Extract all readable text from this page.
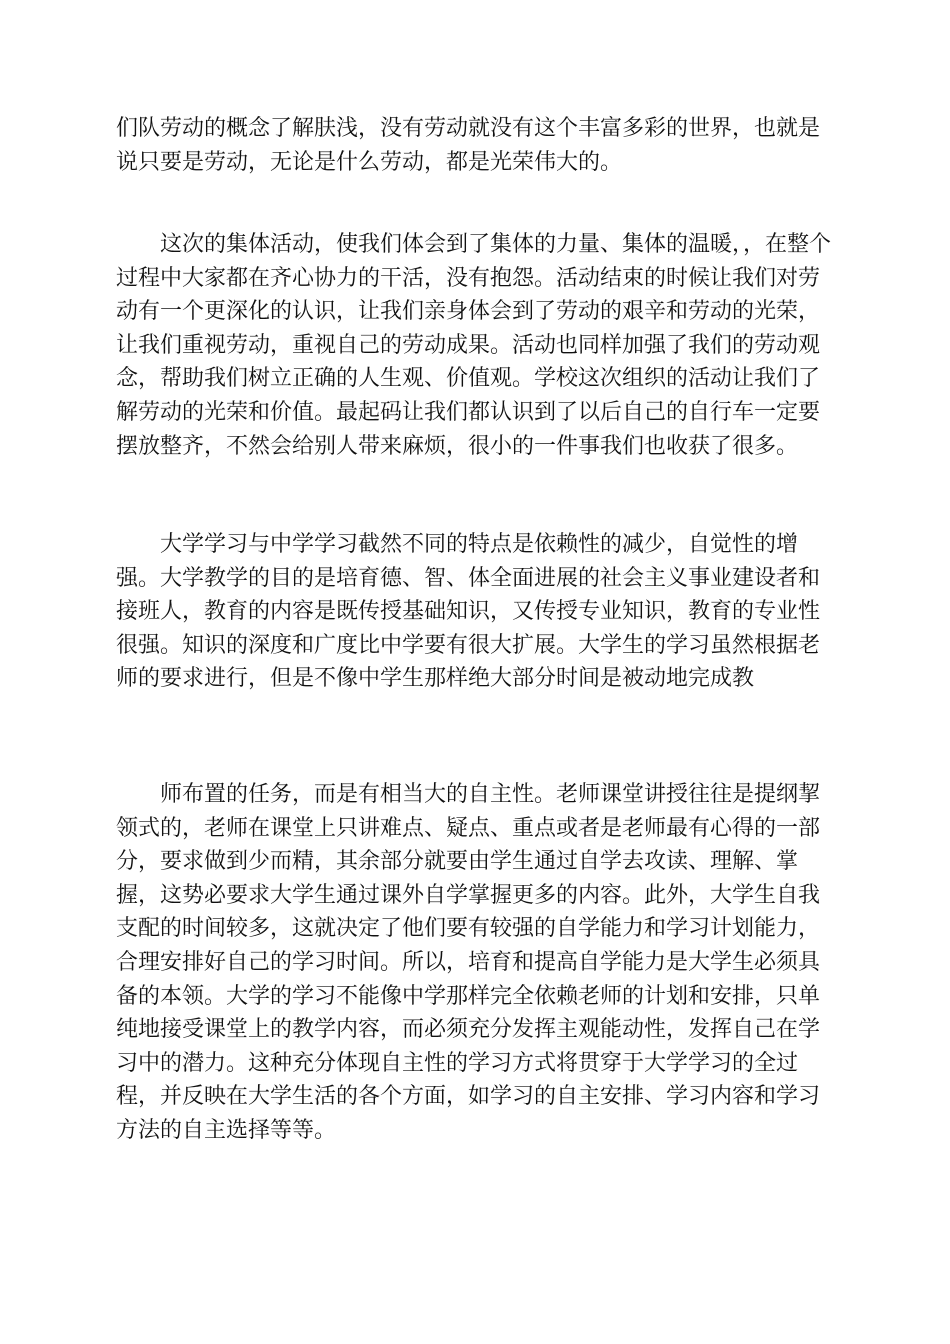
们队劳动的概念了解肤浅，没有劳动就没有这个丰富多彩的世界，也就是说只要是劳动，无论是什么劳动，都是光荣伟大的。

这次的集体活动，使我们体会到了集体的力量、集体的温暖，，在整个过程中大家都在齐心协力的干活，没有抱怨。活动结束的时候让我们对劳动有一个更深化的认识，让我们亲身体会到了劳动的艰辛和劳动的光荣，让我们重视劳动，重视自己的劳动成果。活动也同样加强了我们的劳动观念，帮助我们树立正确的人生观、价值观。学校这次组织的活动让我们了解劳动的光荣和价值。最起码让我们都认识到了以后自己的自行车一定要摆放整齐，不然会给别人带来麻烦，很小的一件事我们也收获了很多。

大学学习与中学学习截然不同的特点是依赖性的减少，自觉性的增强。大学教学的目的是培育德、智、体全面进展的社会主义事业建设者和接班人，教育的内容是既传授基础知识，又传授专业知识，教育的专业性很强。知识的深度和广度比中学要有很大扩展。大学生的学习虽然根据老师的要求进行，但是不像中学生那样绝大部分时间是被动地完成教

师布置的任务，而是有相当大的自主性。老师课堂讲授往往是提纲挈领式的，老师在课堂上只讲难点、疑点、重点或者是老师最有心得的一部分，要求做到少而精，其余部分就要由学生通过自学去攻读、理解、掌握，这势必要求大学生通过课外自学掌握更多的内容。此外，大学生自我支配的时间较多，这就决定了他们要有较强的自学能力和学习计划能力，合理安排好自己的学习时间。所以，培育和提高自学能力是大学生必须具备的本领。大学的学习不能像中学那样完全依赖老师的计划和安排，只单纯地接受课堂上的教学内容，而必须充分发挥主观能动性，发挥自己在学习中的潜力。这种充分体现自主性的学习方式将贯穿于大学学习的全过程，并反映在大学生活的各个方面，如学习的自主安排、学习内容和学习方法的自主选择等等。
